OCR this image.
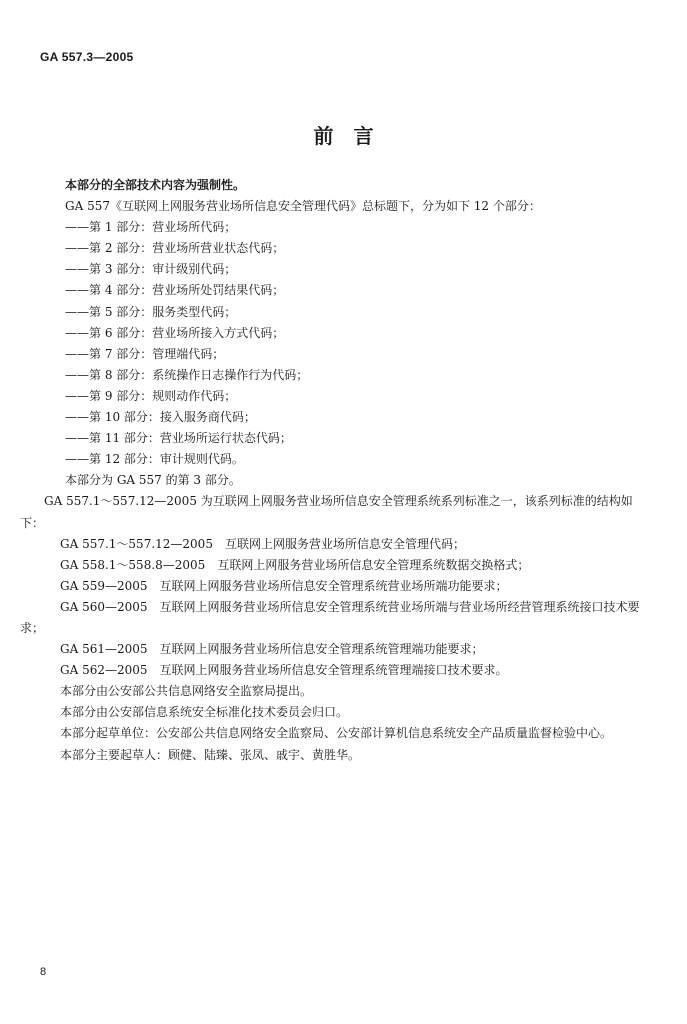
GA 557.3—2005
前　言

本部分的全部技术内容为强制性。

GA 557《互联网上网服务营业场所信息安全管理代码》总标题下，分为如下 12 个部分：

——第 1 部分：营业场所代码；

——第 2 部分：营业场所营业状态代码；

——第 3 部分：审计级别代码；

——第 4 部分：营业场所处罚结果代码；

——第 5 部分：服务类型代码；

——第 6 部分：营业场所接入方式代码；

——第 7 部分：管理端代码；

——第 8 部分：系统操作日志操作行为代码；

——第 9 部分：规则动作代码；

——第 10 部分：接入服务商代码；

——第 11 部分：营业场所运行状态代码；

——第 12 部分：审计规则代码。

本部分为 GA 557 的第 3 部分。

GA 557.1～557.12—2005 为互联网上网服务营业场所信息安全管理系统系列标准之一，该系列标准的结构如下：

GA 557.1～557.12—2005　互联网上网服务营业场所信息安全管理代码；

GA 558.1～558.8—2005　互联网上网服务营业场所信息安全管理系统数据交换格式；

GA 559—2005　互联网上网服务营业场所信息安全管理系统营业场所端功能要求；

GA 560—2005　互联网上网服务营业场所信息安全管理系统营业场所端与营业场所经营管理系统接口技术要求；

GA 561—2005　互联网上网服务营业场所信息安全管理系统管理端功能要求；

GA 562—2005　互联网上网服务营业场所信息安全管理系统管理端接口技术要求。

本部分由公安部公共信息网络安全监察局提出。

本部分由公安部信息系统安全标准化技术委员会归口。

本部分起草单位：公安部公共信息网络安全监察局、公安部计算机信息系统安全产品质量监督检验中心。

本部分主要起草人：顾健、陆臻、张凤、戚宇、黄胜华。

8
